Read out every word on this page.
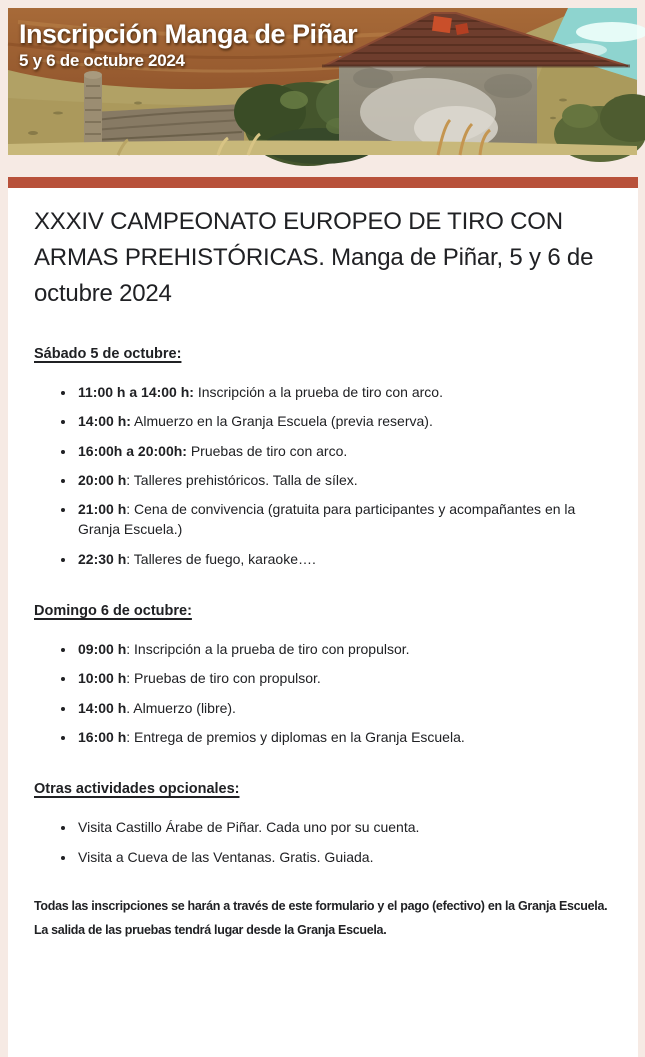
Inscripción Manga de Piñar
5 y 6 de octubre 2024
XXXIV CAMPEONATO EUROPEO DE TIRO CON ARMAS PREHISTÓRICAS. Manga de Piñar, 5 y 6 de octubre 2024
Sábado 5 de octubre:
• 11:00 h a 14:00 h: Inscripción a la prueba de tiro con arco.
• 14:00 h: Almuerzo en la Granja Escuela (previa reserva).
• 16:00h a 20:00h: Pruebas de tiro con arco.
• 20:00 h: Talleres prehistóricos. Talla de sílex.
• 21:00 h: Cena de convivencia (gratuita para participantes y acompañantes en la Granja Escuela.)
• 22:30 h: Talleres de fuego, karaoke….
Domingo 6 de octubre:
• 09:00 h: Inscripción a la prueba de tiro con propulsor.
• 10:00 h: Pruebas de tiro con propulsor.
• 14:00 h. Almuerzo (libre).
• 16:00 h: Entrega de premios y diplomas en la Granja Escuela.
Otras actividades opcionales:
• Visita Castillo Árabe de Piñar. Cada uno por su cuenta.
• Visita a Cueva de las Ventanas. Gratis. Guiada.

Todas las inscripciones se harán a través de este formulario y el pago (efectivo) en la Granja Escuela.
La salida de las pruebas tendrá lugar desde la Granja Escuela.
